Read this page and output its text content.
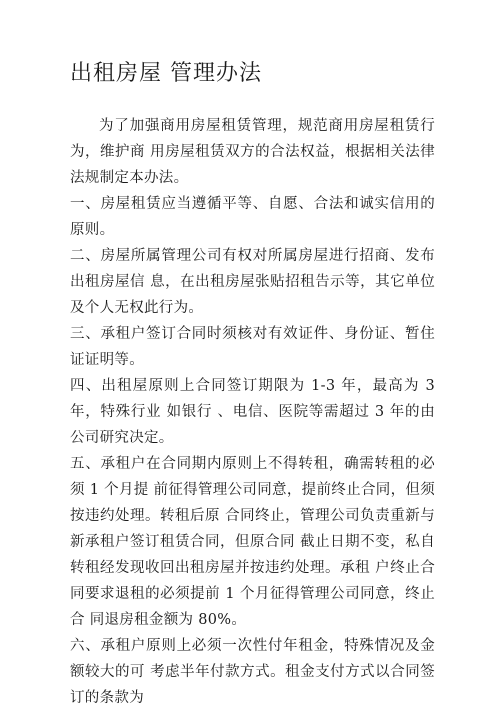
出租房屋 管理办法

为了加强商用房屋租赁管理，规范商用房屋租赁行为，维护商 用房屋租赁双方的合法权益，根据相关法律法规制定本办法。

一、房屋租赁应当遵循平等、自愿、合法和诚实信用的原则。

二、房屋所属管理公司有权对所属房屋进行招商、发布出租房屋信 息，在出租房屋张贴招租告示等，其它单位及个人无权此行为。

三、承租户签订合同时须核对有效证件、身份证、暂住证证明等。

四、出租屋原则上合同签订期限为 1-3 年，最高为 3 年，特殊行业 如银行 、电信、医院等需超过 3 年的由公司研究决定。

五、承租户在合同期内原则上不得转租，确需转租的必须 1 个月提 前征得管理公司同意，提前终止合同，但须按违约处理。转租后原 合同终止，管理公司负责重新与新承租户签订租赁合同，但原合同 截止日期不变，私自转租经发现收回出租房屋并按违约处理。承租 户终止合同要求退租的必须提前 1 个月征得管理公司同意，终止合 同退房租金额为 80%。

六、承租户原则上必须一次性付年租金，特殊情况及金额较大的可 考虑半年付款方式。租金支付方式以合同签订的条款为
